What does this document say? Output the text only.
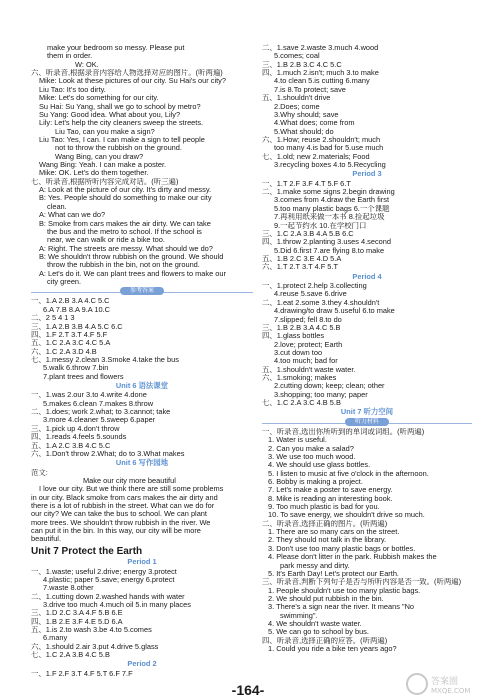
make your bedroom so messy. Please put
them in order.
W: OK.
六、听录音,根据录音内容给人物选择对应的图片。(听两遍)
Mike: Look at these pictures of our city. Su Hai's our city?
Liu Tao: It's too dirty.
Mike: Let's do something for our city.
Su Hai: Su Yang, shall we go to school by metro?
Su Yang: Good idea. What about you, Lily?
Lily: Let's help the city cleaners sweep the streets.
Liu Tao, can you make a sign?
Liu Tao: Yes, I can. I can make a sign to tell people
not to throw the rubbish on the ground.
Wang Bing, can you draw?
Wang Bing: Yeah. I can make a poster.
Mike: OK. Let's do them together.
七、听录音,根据所听内容完成对话。(听三遍)
A: Look at the picture of our city. It's dirty and messy.
B: Yes. People should do something to make our city
clean.
A: What can we do?
B: Smoke from cars makes the air dirty. We can take
the bus and the metro to school. If the school is
near, we can walk or ride a bike too.
A: Right. The streets are messy. What should we do?
B: We shouldn't throw rubbish on the ground. We should
throw the rubbish in the bin, not on the ground.
A: Let's do it. We can plant trees and flowers to make our
city green.
参考答案
一、1.A 2.B 3.A 4.C 5.C
6.A 7.B 8.A 9.A 10.C
二、2 5 4 1 3
三、1.A 2.B 3.B 4.A 5.C 6.C
四、1.F 2.T 3.T 4.F 5.F
五、1.C 2.A 3.C 4.C 5.A
六、1.C 2.A 3.D 4.B
七、1.messy 2.clean 3.Smoke 4.take the bus
5.walk 6.throw 7.bin
7.plant trees and flowers
Unit 6 语法课堂
一、1.was 2.our 3.to 4.write 4.done
5.makes 6.clean 7.makes 8.throw
二、1.does; work 2.what; to 3.cannot; take
3.more 4.cleaner 5.sweep 6.paper
三、1.pick up 4.don't throw
四、1.reads 4.feels 5.sounds
五、1.A 2.C 3.B 4.C 5.C
六、1.Don't throw 2.What; do to 3.What makes
Unit 6 写作园地
范文:
Make our city more beautiful
I love our city. But we think there are still some problems
in our city. Black smoke from cars makes the air dirty and
there is a lot of rubbish in the street. What can we do for
our city? We can take the bus to school. We can plant
more trees. We shouldn't throw rubbish in the river. We
can put it in the bin. In this way, our city will be more
beautiful.
Unit 7 Protect the Earth
Period 1
一、1.waste; useful 2.drive; energy 3.protect
4.plastic; paper 5.save; energy 6.protect
7.waste 8.other
二、1.cutting down 2.washed hands with water
3.drive too much 4.much oil 5.in many places
三、1.D 2.C 3.A 4.F 5.B 6.E
四、1.B 2.E 3.F 4.E 5.D 6.A
五、1.is 2.to wash 3.be 4.to 5.comes
6.many
六、1.should 2.air 3.put 4.drive 5.glass
七、1.C 2.A 3.B 4.C 5.B
Period 2
一、1.F 2.F 3.T 4.F 5.T 6.F 7.F
二、1.save 2.waste 3.much 4.wood
5.comes; coal
三、1.B 2.B 3.C 4.C 5.C
四、1.much 2.isn't; much 3.to make
4.to clean 5.is cutting 6.many
7.is 8.To protect; save
五、1.shouldn't drive
2.Does; come
3.Why should; save
4.What does; come from
5.What should; do
六、1.How; reuse 2.shouldn't; much
too many 4.is bad for 5.use much
七、1.old; new 2.materials; Food
3.recycling boxes 4.to 5.Recycling
Period 3
一、1.T 2.F 3.F 4.T 5.F 6.T
二、1.make some signs 2.begin drawing
3.comes from 4.draw the Earth first
5.too many plastic bags 6.一个课题
7.再利用纸来做一本书 8.捡起垃圾
9.一起节约水 10.在学校门口
三、1.C 2.A 3.B 4.A 5.B 6.C
四、1.throw 2.planting 3.uses 4.second
5.Did 6.first 7.are flying 8.to make
五、1.B 2.C 3.E 4.D 5.A
六、1.T 2.T 3.T 4.F 5.T
Period 4
一、1.protect 2.help 3.collecting
4.reuse 5.save 6.drive
二、1.eat 2.some 3.they 4.shouldn't
4.drawing/to draw 5.useful 6.to make
7.slipped; fell 8.to do
三、1.B 2.B 3.A 4.C 5.B
四、1.glass bottles
2.love; protect; Earth
3.cut down too
4.too much; bad for
五、1.shouldn't waste water.
六、1.smoking; makes
2.cutting down; keep; clean; other
3.shopping; too many; paper
七、1.C 2.A 3.C 4.B 5.B
Unit 7 听力空间
听力材料
一、听录音,选出你所听到的单词或词组。(听两遍)
1. Water is useful.
2. Can you make a salad?
3. We use too much wood.
4. We should use glass bottles.
5. I listen to music at five o'clock in the afternoon.
6. Bobby is making a project.
7. Let's make a poster to save energy.
8. Mike is reading an interesting book.
9. Too much plastic is bad for you.
10. To save energy, we shouldn't drive so much.
二、听录音,选择正确的图片。(听两遍)
1. There are so many cars on the street.
2. They should not talk in the library.
3. Don't use too many plastic bags or bottles.
4. Please don't litter in the park. Rubbish makes the
park messy and dirty.
5. It's Earth Day! Let's protect our Earth.
三、听录音,判断下列句子是否与所听内容是否一致。(听两遍)
1. People shouldn't use too many plastic bags.
2. We should put rubbish in the bin.
3. There's a sign near the river. It means "No
swimming".
4. We shouldn't waste water.
5. We can go to school by bus.
四、听录音,选择正确的应答。(听两遍)
1. Could you ride a bike ten years ago?
-164-	答案圈
MXQE.COM
